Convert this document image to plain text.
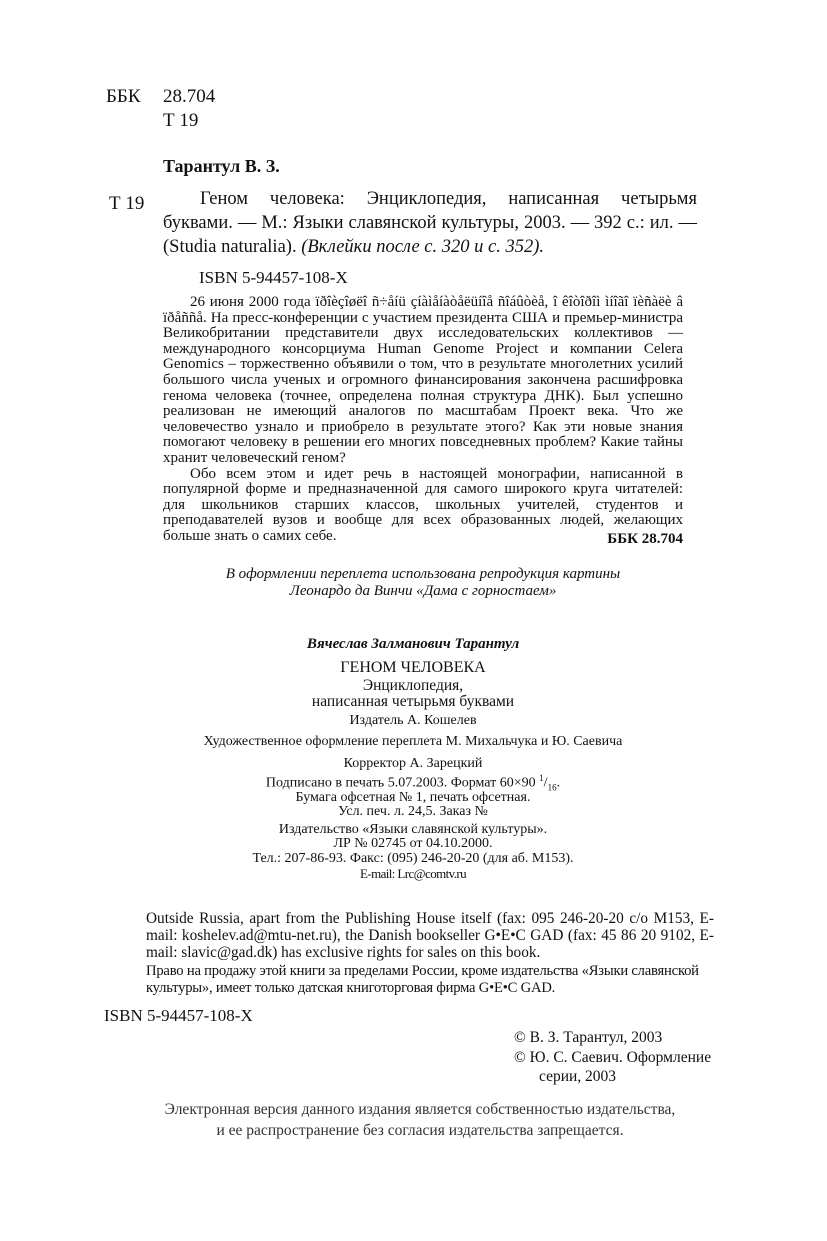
ББК 28.704
Т 19
Тарантул В. З.
Т 19	Геном человека: Энциклопедия, написанная четырьмя буквами. — М.: Языки славянской культуры, 2003. — 392 с.: ил. — (Studia naturalia). (Вклейки после с. 320 и с. 352).
ISBN 5-94457-108-X

26 июня 2000 года ïðîèçîøëî ñ÷åíü çíàìåíàòåëüíîå ñîáûòèå, î êîòîðîì ìíîãî ïèñàëè â ïðåññå. На пресс-конференции с участием президента США и премьер-министра Великобритании представители двух исследовательских коллективов — международного консорциума Human Genome Project и компании Celera Genomics – торжественно объявили о том, что в результате многолетних усилий большого числа ученых и огромного финансирования закончена расшифровка генома человека (точнее, определена полная структура ДНК). Был успешно реализован не имеющий аналогов по масштабам Проект века. Что же человечество узнало и приобрело в результате этого? Как эти новые знания помогают человеку в решении его многих повседневных проблем? Какие тайны хранит человеческий геном?

Обо всем этом и идет речь в настоящей монографии, написанной в популярной форме и предназначенной для самого широкого круга читателей: для школьников старших классов, школьных учителей, студентов и преподавателей вузов и вообще для всех образованных людей, желающих больше знать о самих себе.	ББК 28.704
В оформлении переплета использована репродукция картины
Леонардо да Винчи «Дама с горностаем»
Вячеслав Залманович Тарантул
ГЕНОМ ЧЕЛОВЕКА
Энциклопедия,
написанная четырьмя буквами
Издатель А. Кошелев
Художественное оформление переплета М. Михальчука и Ю. Саевича
Корректор А. Зарецкий
Подписано в печать 5.07.2003. Формат 60×90 $^1/_{16}$.
Бумага офсетная № 1, печать офсетная.
Усл. печ. л. 24,5. Заказ №
Издательство «Языки славянской культуры».
ЛР № 02745 от 04.10.2000.
Тел.: 207-86-93. Факс: (095) 246-20-20 (для аб. М153).
E-mail: Lrc@comtv.ru
Outside Russia, apart from the Publishing House itself (fax: 095 246-20-20 c/o M153, E-mail: koshelev.ad@mtu-net.ru), the Danish bookseller G•E•C GAD (fax: 45 86 20 9102, E-mail: slavic@gad.dk) has exclusive rights for sales on this book.
Право на продажу этой книги за пределами России, кроме издательства «Языки славянской культуры», имеет только датская книготорговая фирма G•E•C GAD.
ISBN 5-94457-108-X
© В. З. Тарантул, 2003
© Ю. С. Саевич. Оформление
серии, 2003
Электронная версия данного издания является собственностью издательства,
и ее распространение без согласия издательства запрещается.
